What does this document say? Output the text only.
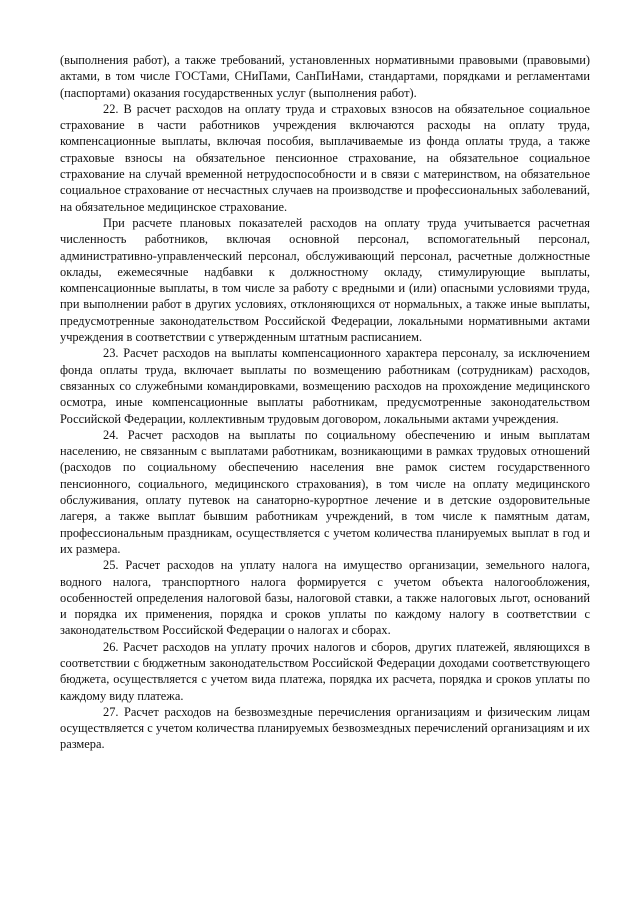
(выполнения работ), а также требований, установленных нормативными правовыми (правовыми) актами, в том числе ГОСТами, СНиПами, СанПиНами, стандартами, порядками и регламентами (паспортами) оказания государственных услуг (выполнения работ).

22. В расчет расходов на оплату труда и страховых взносов на обязательное социальное страхование в части работников учреждения включаются расходы на оплату труда, компенсационные выплаты, включая пособия, выплачиваемые из фонда оплаты труда, а также страховые взносы на обязательное пенсионное страхование, на обязательное социальное страхование на случай временной нетрудоспособности и в связи с материнством, на обязательное социальное страхование от несчастных случаев на производстве и профессиональных заболеваний, на обязательное медицинское страхование.

При расчете плановых показателей расходов на оплату труда учитывается расчетная численность работников, включая основной персонал, вспомогательный персонал, административно-управленческий персонал, обслуживающий персонал, расчетные должностные оклады, ежемесячные надбавки к должностному окладу, стимулирующие выплаты, компенсационные выплаты, в том числе за работу с вредными и (или) опасными условиями труда, при выполнении работ в других условиях, отклоняющихся от нормальных, а также иные выплаты, предусмотренные законодательством Российской Федерации, локальными нормативными актами учреждения в соответствии с утвержденным штатным расписанием.

23. Расчет расходов на выплаты компенсационного характера персоналу, за исключением фонда оплаты труда, включает выплаты по возмещению работникам (сотрудникам) расходов, связанных со служебными командировками, возмещению расходов на прохождение медицинского осмотра, иные компенсационные выплаты работникам, предусмотренные законодательством Российской Федерации, коллективным трудовым договором, локальными актами учреждения.

24. Расчет расходов на выплаты по социальному обеспечению и иным выплатам населению, не связанным с выплатами работникам, возникающими в рамках трудовых отношений (расходов по социальному обеспечению населения вне рамок систем государственного пенсионного, социального, медицинского страхования), в том числе на оплату медицинского обслуживания, оплату путевок на санаторно-курортное лечение и в детские оздоровительные лагеря, а также выплат бывшим работникам учреждений, в том числе к памятным датам, профессиональным праздникам, осуществляется с учетом количества планируемых выплат в год и их размера.

25. Расчет расходов на уплату налога на имущество организации, земельного налога, водного налога, транспортного налога формируется с учетом объекта налогообложения, особенностей определения налоговой базы, налоговой ставки, а также налоговых льгот, оснований и порядка их применения, порядка и сроков уплаты по каждому налогу в соответствии с законодательством Российской Федерации о налогах и сборах.

26. Расчет расходов на уплату прочих налогов и сборов, других платежей, являющихся в соответствии с бюджетным законодательством Российской Федерации доходами соответствующего бюджета, осуществляется с учетом вида платежа, порядка их расчета, порядка и сроков уплаты по каждому виду платежа.

27. Расчет расходов на безвозмездные перечисления организациям и физическим лицам осуществляется с учетом количества планируемых безвозмездных перечислений организациям и их размера.
